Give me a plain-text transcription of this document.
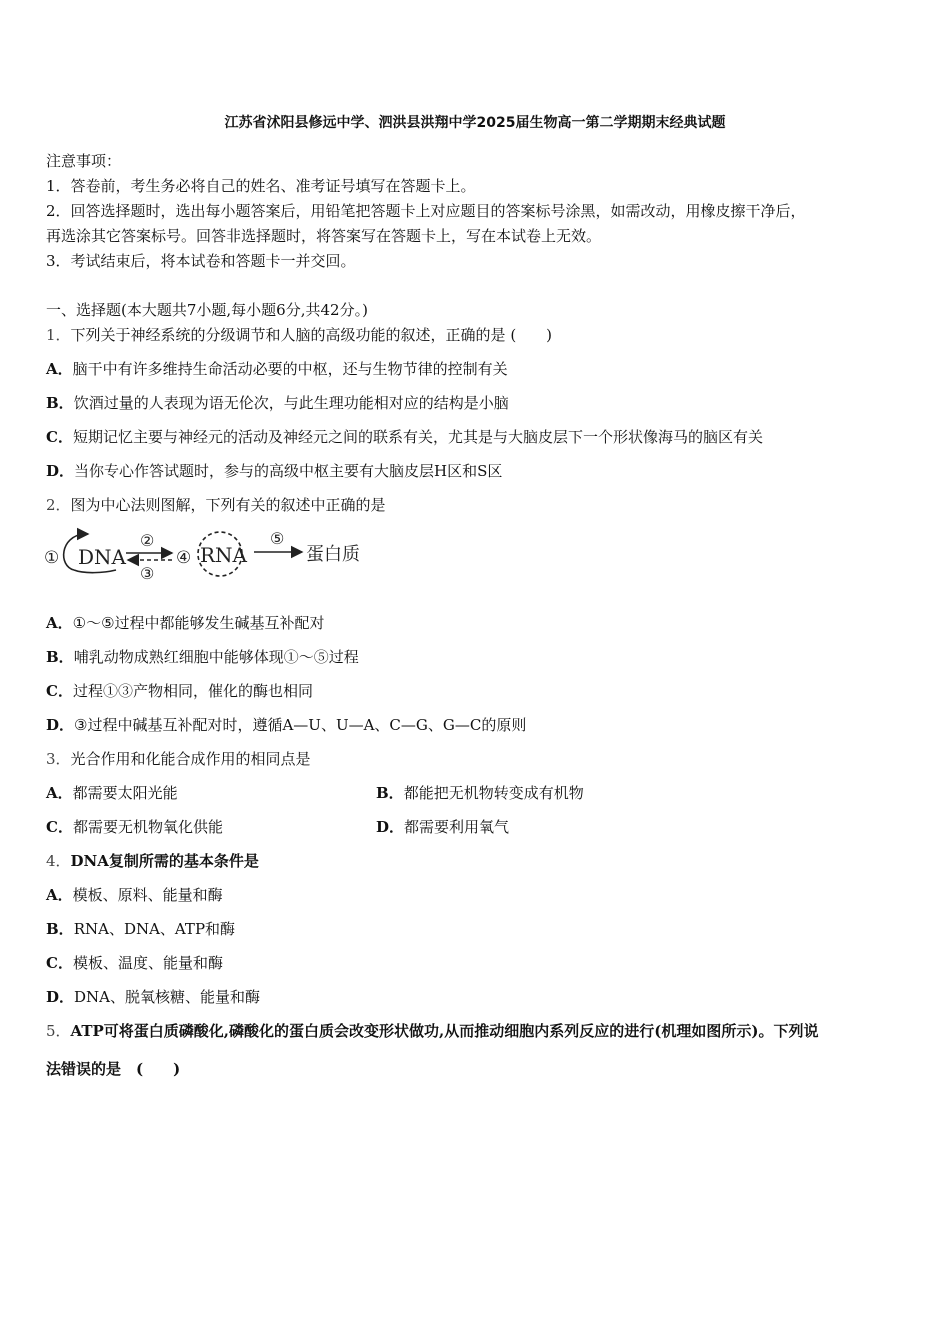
江苏省沭阳县修远中学、泗洪县洪翔中学2025届生物高一第二学期期末经典试题
注意事项：
1．答卷前，考生务必将自己的姓名、准考证号填写在答题卡上。
2．回答选择题时，选出每小题答案后，用铅笔把答题卡上对应题目的答案标号涂黑，如需改动，用橡皮擦干净后，
再选涂其它答案标号。回答非选择题时，将答案写在答题卡上，写在本试卷上无效。
3．考试结束后，将本试卷和答题卡一并交回。
一、选择题(本大题共7小题,每小题6分,共42分。)
1．下列关于神经系统的分级调节和人脑的高级功能的叙述，正确的是 (　　)
A．脑干中有许多维持生命活动必要的中枢，还与生物节律的控制有关
B．饮酒过量的人表现为语无伦次，与此生理功能相对应的结构是小脑
C．短期记忆主要与神经元的活动及神经元之间的联系有关，尤其是与大脑皮层下一个形状像海马的脑区有关
D．当你专心作答试题时，参与的高级中枢主要有大脑皮层H区和S区
2．图为中心法则图解，下列有关的叙述中正确的是
① DNA
②
③
④ RNA
⑤
蛋白质
A．①～⑤过程中都能够发生碱基互补配对
B．哺乳动物成熟红细胞中能够体现①～⑤过程
C．过程①③产物相同，催化的酶也相同
D．③过程中碱基互补配对时，遵循A—U、U—A、C—G、G—C的原则
3．光合作用和化能合成作用的相同点是
A．都需要太阳光能	B．都能把无机物转变成有机物
C．都需要无机物氧化供能	D．都需要利用氧气
4．DNA复制所需的基本条件是
A．模板、原料、能量和酶
B．RNA、DNA、ATP和酶
C．模板、温度、能量和酶
D．DNA、脱氧核糖、能量和酶
5．ATP可将蛋白质磷酸化,磷酸化的蛋白质会改变形状做功,从而推动细胞内系列反应的进行(机理如图所示)。下列说
法错误的是　(　　)
